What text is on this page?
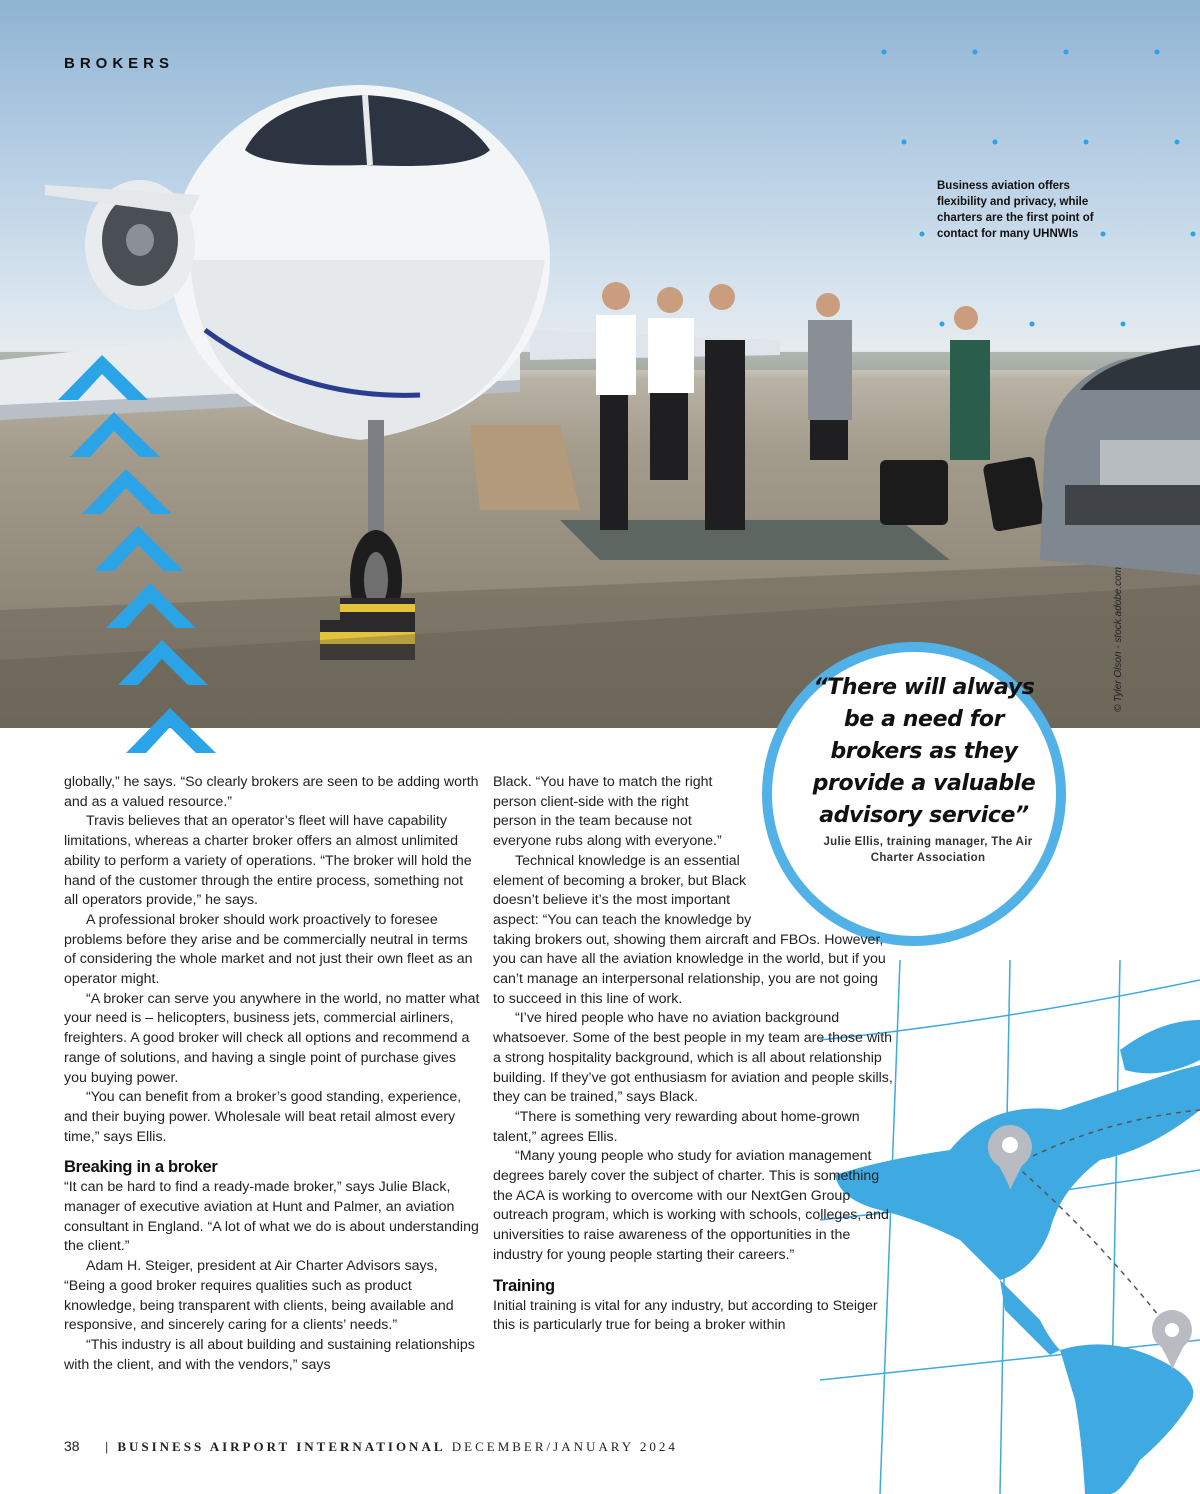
BROKERS
Business aviation offers flexibility and privacy, while charters are the first point of contact for many UHNWIs
© Tyler Olson - stock.adobe.com
“There will always be a need for brokers as they provide a valuable advisory service”
Julie Ellis, training manager, The Air Charter Association

globally,” he says. “So clearly brokers are seen to be adding worth and as a valued resource.”

Travis believes that an operator’s fleet will have capability limitations, whereas a charter broker offers an almost unlimited ability to perform a variety of operations. “The broker will hold the hand of the customer through the entire process, something not all operators provide,” he says.

A professional broker should work proactively to foresee problems before they arise and be commercially neutral in terms of considering the whole market and not just their own fleet as an operator might.

“A broker can serve you anywhere in the world, no matter what your need is – helicopters, business jets, commercial airliners, freighters. A good broker will check all options and recommend a range of solutions, and having a single point of purchase gives you buying power.

“You can benefit from a broker’s good standing, experience, and their buying power. Wholesale will beat retail almost every time,” says Ellis.

Breaking in a broker

“It can be hard to find a ready-made broker,” says Julie Black, manager of executive aviation at Hunt and Palmer, an aviation consultant in England. “A lot of what we do is about understanding the client.”

Adam H. Steiger, president at Air Charter Advisors says, “Being a good broker requires qualities such as product knowledge, being transparent with clients, being available and responsive, and sincerely caring for a clients’ needs.”

“This industry is all about building and sustaining relationships with the client, and with the vendors,” says

Black. “You have to match the right
person client-side with the right
person in the team because not
everyone rubs along with everyone.”

Technical knowledge is an essential
element of becoming a broker, but Black
doesn’t believe it’s the most important
aspect: “You can teach the knowledge by
taking brokers out, showing them aircraft and FBOs. However, you can have all the aviation knowledge in the world, but if you can’t manage an interpersonal relationship, you are not going to succeed in this line of work.

“I’ve hired people who have no aviation background whatsoever. Some of the best people in my team are those with a strong hospitality background, which is all about relationship building. If they’ve got enthusiasm for aviation and people skills, they can be trained,” says Black.

“There is something very rewarding about home-grown talent,” agrees Ellis.

“Many young people who study for aviation management degrees barely cover the subject of charter. This is something the ACA is working to overcome with our NextGen Group outreach program, which is working with schools, colleges, and universities to raise awareness of the opportunities in the industry for young people starting their careers.”

Training

Initial training is vital for any industry, but according to Steiger this is particularly true for being a broker within

38 | BUSINESS AIRPORT INTERNATIONAL DECEMBER/JANUARY 2024
